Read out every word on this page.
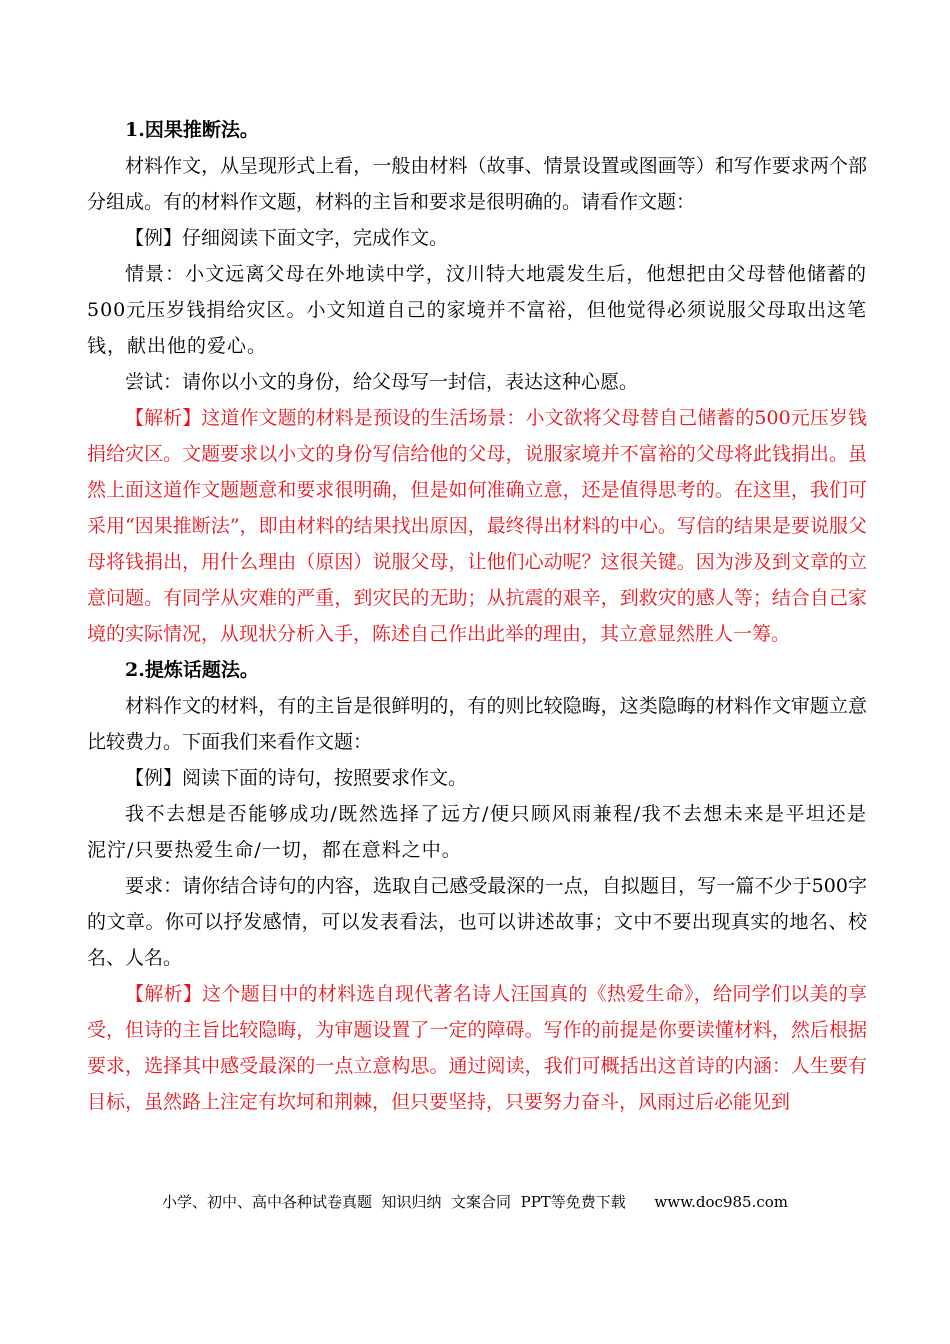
1.因果推断法。

材料作文，从呈现形式上看，一般由材料（故事、情景设置或图画等）和写作要求两个部分组成。有的材料作文题，材料的主旨和要求是很明确的。请看作文题：

【例】仔细阅读下面文字，完成作文。

情景：小文远离父母在外地读中学，汶川特大地震发生后，他想把由父母替他储蓄的500元压岁钱捐给灾区。小文知道自己的家境并不富裕，但他觉得必须说服父母取出这笔钱，献出他的爱心。

尝试：请你以小文的身份，给父母写一封信，表达这种心愿。

【解析】这道作文题的材料是预设的生活场景：小文欲将父母替自己储蓄的500元压岁钱捐给灾区。文题要求以小文的身份写信给他的父母，说服家境并不富裕的父母将此钱捐出。虽然上面这道作文题题意和要求很明确，但是如何准确立意，还是值得思考的。在这里，我们可采用“因果推断法”，即由材料的结果找出原因，最终得出材料的中心。写信的结果是要说服父母将钱捐出，用什么理由（原因）说服父母，让他们心动呢？这很关键。因为涉及到文章的立意问题。有同学从灾难的严重，到灾民的无助；从抗震的艰辛，到救灾的感人等；结合自己家境的实际情况，从现状分析入手，陈述自己作出此举的理由，其立意显然胜人一筹。

2.提炼话题法。

材料作文的材料，有的主旨是很鲜明的，有的则比较隐晦，这类隐晦的材料作文审题立意比较费力。下面我们来看作文题：

【例】阅读下面的诗句，按照要求作文。

我不去想是否能够成功/既然选择了远方/便只顾风雨兼程/我不去想未来是平坦还是泥泞/只要热爱生命/一切，都在意料之中。

要求：请你结合诗句的内容，选取自己感受最深的一点，自拟题目，写一篇不少于500字的文章。你可以抒发感情，可以发表看法，也可以讲述故事；文中不要出现真实的地名、校名、人名。

【解析】这个题目中的材料选自现代著名诗人汪国真的《热爱生命》，给同学们以美的享受，但诗的主旨比较隐晦，为审题设置了一定的障碍。写作的前提是你要读懂材料，然后根据要求，选择其中感受最深的一点立意构思。通过阅读，我们可概括出这首诗的内涵：人生要有目标，虽然路上注定有坎坷和荆棘，但只要坚持，只要努力奋斗，风雨过后必能见到

小学、初中、高中各种试卷真题  知识归纳  文案合同  PPT等免费下载 www.doc985.com
